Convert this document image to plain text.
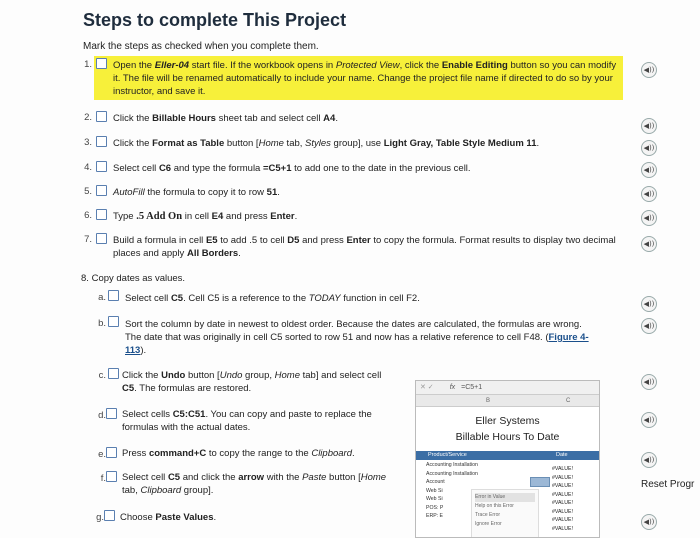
Steps to complete This Project
Mark the steps as checked when you complete them.
1. Open the Eller-04 start file. If the workbook opens in Protected View, click the Enable Editing button so you can modify it. The file will be renamed automatically to include your name. Change the project file name if directed to do so by your instructor, and save it.
2. Click the Billable Hours sheet tab and select cell A4.
3. Click the Format as Table button [Home tab, Styles group], use Light Gray, Table Style Medium 11.
4. Select cell C6 and type the formula =C5+1 to add one to the date in the previous cell.
5. AutoFill the formula to copy it to row 51.
6. Type .5 Add On in cell E4 and press Enter.
7. Build a formula in cell E5 to add .5 to cell D5 and press Enter to copy the formula. Format results to display two decimal places and apply All Borders.
8. Copy dates as values.
a. Select cell C5. Cell C5 is a reference to the TODAY function in cell F2.
b. Sort the column by date in newest to oldest order. Because the dates are calculated, the formulas are wrong. The date that was originally in cell C5 sorted to row 51 and now has a relative reference to cell F48. (Figure 4-113).
c. Click the Undo button [Undo group, Home tab] and select cell C5. The formulas are restored.
d. Select cells C5:C51. You can copy and paste to replace the formulas with the actual dates.
e. Press command+C to copy the range to the Clipboard.
f. Select cell C5 and click the arrow with the Paste button [Home tab, Clipboard group].
g. Choose Paste Values.
◀))
◀))
◀))
◀))
◀))
◀))
◀))
◀))
◀))
◀))
◀))
◀))
◀))
Reset Progr
✕ ✓ fx =C5+1
B	C
Eller Systems
Billable Hours To Date
Product/Service	Date
Accounting Installation
Accounting Installation
Account
Web Si
Web Si
POS: P
ERP: E
Error in Value
Help on this Error
Trace Error
Ignore Error
#VALUE!
#VALUE!
#VALUE!
#VALUE!
#VALUE!
#VALUE!
#VALUE!
#VALUE!
